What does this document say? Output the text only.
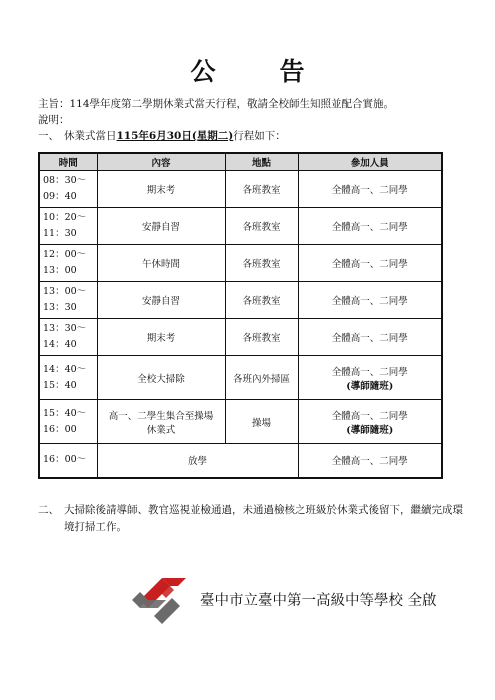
公	告
主旨：114學年度第二學期休業式當天行程，敬請全校師生知照並配合實施。
說明：
一、 休業式當日115年6月30日(星期二)行程如下：
時間	內容	地點	參加人員
08：30～
09：40	期末考	各班教室	全體高一、二同學
10：20～
11：30	安靜自習	各班教室	全體高一、二同學
12：00～
13：00	午休時間	各班教室	全體高一、二同學
13：00～
13：30	安靜自習	各班教室	全體高一、二同學
13：30～
14：40	期末考	各班教室	全體高一、二同學
14：40～
15：40	全校大掃除	各班內外掃區	全體高一、二同學
(導師隨班)

15：40～
16：00	高一、二學生集合至操場
休業式	操場	全體高一、二同學
(導師隨班)

16：00～	放學		全體高一、二同學
二、 大掃除後請導師、教官巡視並檢通過，未通過檢核之班級於休業式後留下，繼續完成環境打掃工作。
臺中市立臺中第一高級中等學校 全啟
